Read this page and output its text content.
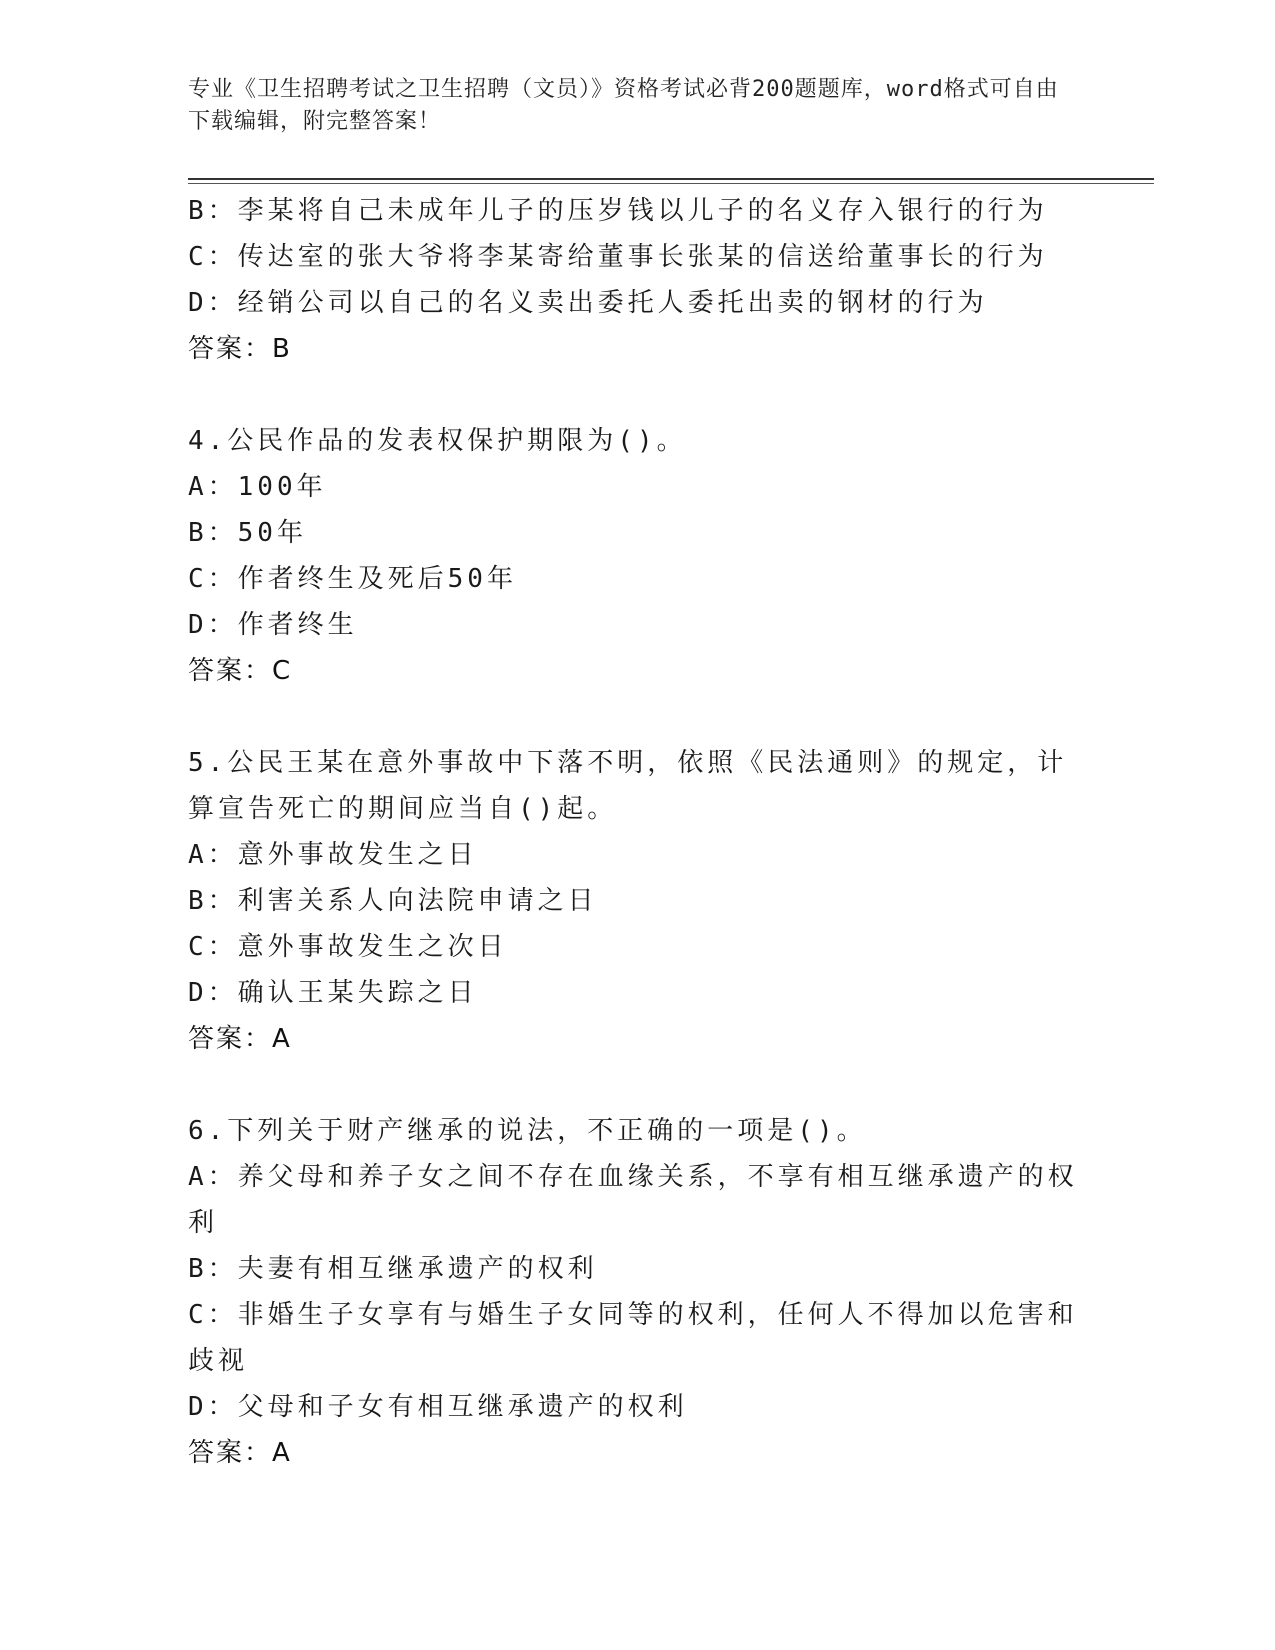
专业《卫生招聘考试之卫生招聘（文员）》资格考试必背200题题库，word格式可自由下载编辑，附完整答案！
B：李某将自己未成年儿子的压岁钱以儿子的名义存入银行的行为
C：传达室的张大爷将李某寄给董事长张某的信送给董事长的行为
D：经销公司以自己的名义卖出委托人委托出卖的钢材的行为
答案：B
4.公民作品的发表权保护期限为()。
A：100年
B：50年
C：作者终生及死后50年
D：作者终生
答案：C
5.公民王某在意外事故中下落不明，依照《民法通则》的规定，计算宣告死亡的期间应当自()起。
A：意外事故发生之日
B：利害关系人向法院申请之日
C：意外事故发生之次日
D：确认王某失踪之日
答案：A
6.下列关于财产继承的说法，不正确的一项是()。
A：养父母和养子女之间不存在血缘关系，不享有相互继承遗产的权利
B：夫妻有相互继承遗产的权利
C：非婚生子女享有与婚生子女同等的权利，任何人不得加以危害和歧视
D：父母和子女有相互继承遗产的权利
答案：A
